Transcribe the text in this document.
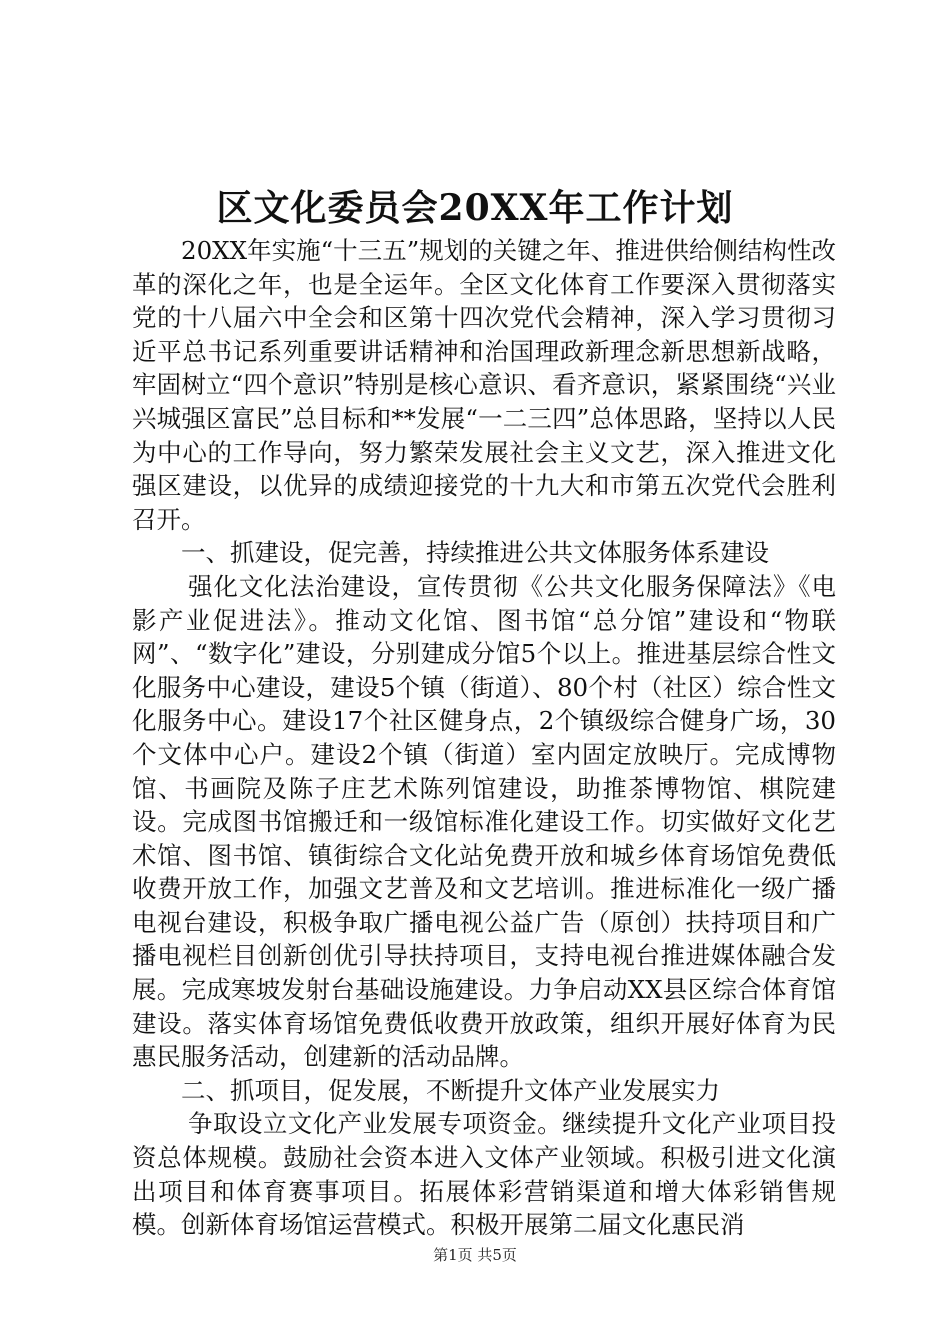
区文化委员会20XX年工作计划

20XX年实施“十三五”规划的关键之年、推进供给侧结构性改革的深化之年，也是全运年。全区文化体育工作要深入贯彻落实党的十八届六中全会和区第十四次党代会精神，深入学习贯彻习近平总书记系列重要讲话精神和治国理政新理念新思想新战略，牢固树立“四个意识”特别是核心意识、看齐意识，紧紧围绕“兴业兴城强区富民”总目标和**发展“一二三四”总体思路，坚持以人民为中心的工作导向，努力繁荣发展社会主义文艺，深入推进文化强区建设，以优异的成绩迎接党的十九大和市第五次党代会胜利召开。

一、抓建设，促完善，持续推进公共文体服务体系建设

强化文化法治建设，宣传贯彻《公共文化服务保障法》《电影产业促进法》。推动文化馆、图书馆“总分馆”建设和“物联网”、“数字化”建设，分别建成分馆5个以上。推进基层综合性文化服务中心建设，建设5个镇（街道）、80个村（社区）综合性文化服务中心。建设17个社区健身点，2个镇级综合健身广场，30个文体中心户。建设2个镇（街道）室内固定放映厅。完成博物馆、书画院及陈子庄艺术陈列馆建设，助推茶博物馆、棋院建设。完成图书馆搬迁和一级馆标准化建设工作。切实做好文化艺术馆、图书馆、镇街综合文化站免费开放和城乡体育场馆免费低收费开放工作，加强文艺普及和文艺培训。推进标准化一级广播电视台建设，积极争取广播电视公益广告（原创）扶持项目和广播电视栏目创新创优引导扶持项目，支持电视台推进媒体融合发展。完成寒坡发射台基础设施建设。力争启动XX县区综合体育馆建设。落实体育场馆免费低收费开放政策，组织开展好体育为民惠民服务活动，创建新的活动品牌。

二、抓项目，促发展，不断提升文体产业发展实力

争取设立文化产业发展专项资金。继续提升文化产业项目投资总体规模。鼓励社会资本进入文体产业领域。积极引进文化演出项目和体育赛事项目。拓展体彩营销渠道和增大体彩销售规模。创新体育场馆运营模式。积极开展第二届文化惠民消

第1页 共5页
